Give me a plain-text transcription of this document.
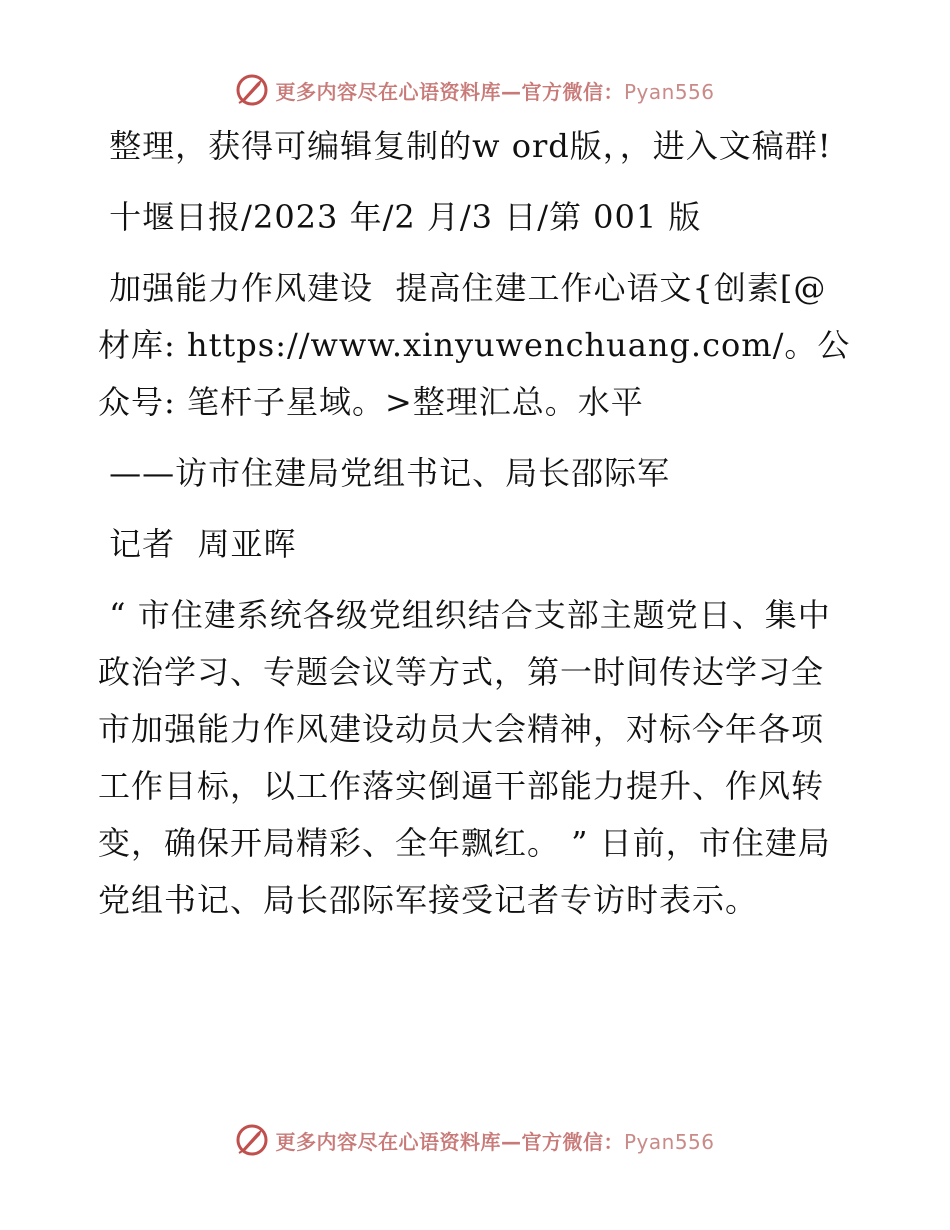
更多内容尽在心语资料库—官方微信：Pyan556

整理，获得可编辑复制的w ord版，，进入文稿群!

十堰日报/2023 年/2 月/3 日/第 001 版

加强能力作风建设  提高住建工作心语文{创素[@材库: https://www.xinyuwenchuang.com/。公众号: 笔杆子星域。>整理汇总。水平

——访市住建局党组书记、局长邵际军

记者  周亚晖

“ 市住建系统各级党组织结合支部主题党日、集中政治学习、专题会议等方式，第一时间传达学习全市加强能力作风建设动员大会精神，对标今年各项工作目标，以工作落实倒逼干部能力提升、作风转变，确保开局精彩、全年飘红。 ” 日前，市住建局党组书记、局长邵际军接受记者专访时表示。

更多内容尽在心语资料库—官方微信：Pyan556
